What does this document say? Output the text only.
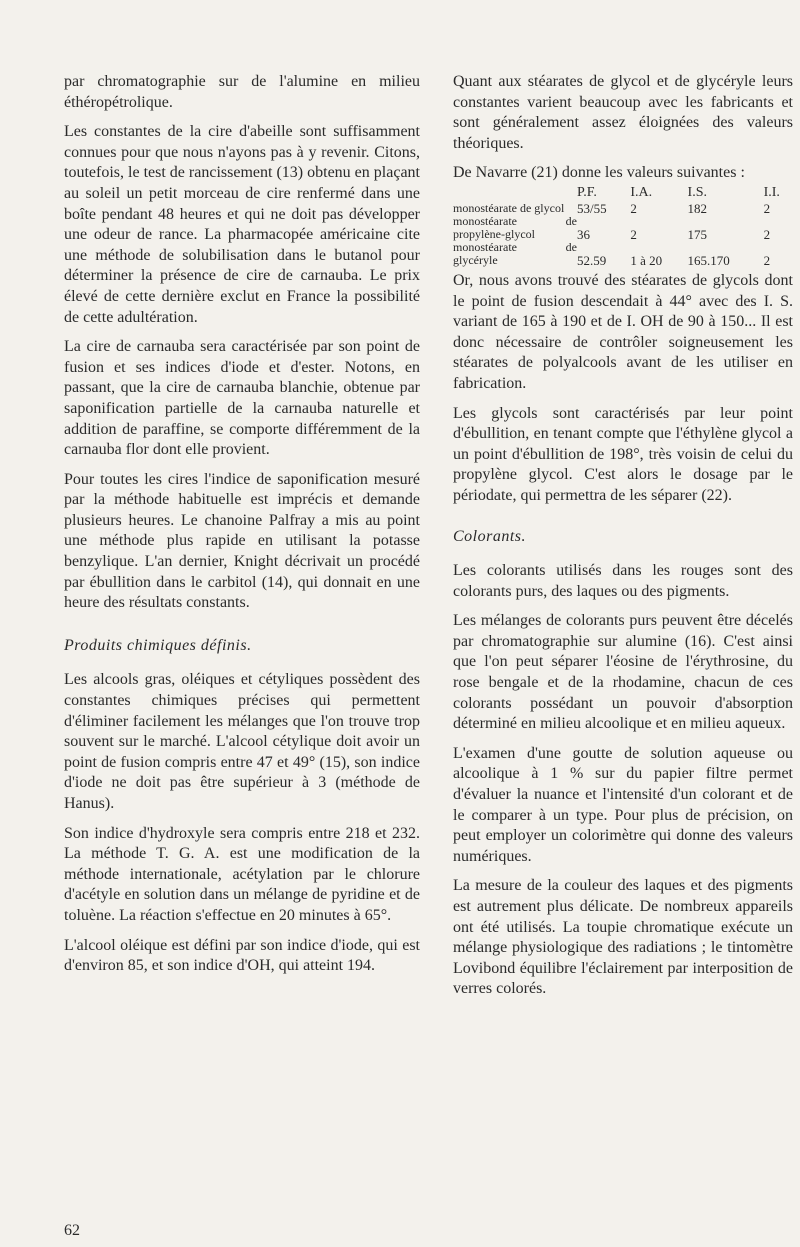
par chromatographie sur de l'alumine en milieu éthéropétrolique.

Les constantes de la cire d'abeille sont suffisamment connues pour que nous n'ayons pas à y revenir. Citons, toutefois, le test de rancissement (13) obtenu en plaçant au soleil un petit morceau de cire renfermé dans une boîte pendant 48 heures et qui ne doit pas développer une odeur de rance. La pharmacopée américaine cite une méthode de solubilisation dans le butanol pour déterminer la présence de cire de carnauba. Le prix élevé de cette dernière exclut en France la possibilité de cette adultération.

La cire de carnauba sera caractérisée par son point de fusion et ses indices d'iode et d'ester. Notons, en passant, que la cire de carnauba blanchie, obtenue par saponification partielle de la carnauba naturelle et addition de paraffine, se comporte différemment de la carnauba flor dont elle provient.

Pour toutes les cires l'indice de saponification mesuré par la méthode habituelle est imprécis et demande plusieurs heures. Le chanoine Palfray a mis au point une méthode plus rapide en utilisant la potasse benzylique. L'an dernier, Knight décrivait un procédé par ébullition dans le carbitol (14), qui donnait en une heure des résultats constants.

Produits chimiques définis.

Les alcools gras, oléiques et cétyliques possèdent des constantes chimiques précises qui permettent d'éliminer facilement les mélanges que l'on trouve trop souvent sur le marché. L'alcool cétylique doit avoir un point de fusion compris entre 47 et 49° (15), son indice d'iode ne doit pas être supérieur à 3 (méthode de Hanus).

Son indice d'hydroxyle sera compris entre 218 et 232. La méthode T. G. A. est une modification de la méthode internationale, acétylation par le chlorure d'acétyle en solution dans un mélange de pyridine et de toluène. La réaction s'effectue en 20 minutes à 65°.

L'alcool oléique est défini par son indice d'iode, qui est d'environ 85, et son indice d'OH, qui atteint 194.

Quant aux stéarates de glycol et de glycéryle leurs constantes varient beaucoup avec les fabricants et sont généralement assez éloignées des valeurs théoriques.

De Navarre (21) donne les valeurs suivantes :

	P.F.	I.A.	I.S.	I.I.
monostéarate de glycol	53/55	2	182	2
monostéarate de propylène-glycol	36	2	175	2
monostéarate de glycéryle	52.59	1 à 20	165.170	2

Or, nous avons trouvé des stéarates de glycols dont le point de fusion descendait à 44° avec des I. S. variant de 165 à 190 et de I. OH de 90 à 150... Il est donc nécessaire de contrôler soigneusement les stéarates de polyalcools avant de les utiliser en fabrication.

Les glycols sont caractérisés par leur point d'ébullition, en tenant compte que l'éthylène glycol a un point d'ébullition de 198°, très voisin de celui du propylène glycol. C'est alors le dosage par le périodate, qui permettra de les séparer (22).

Colorants.

Les colorants utilisés dans les rouges sont des colorants purs, des laques ou des pigments.

Les mélanges de colorants purs peuvent être décelés par chromatographie sur alumine (16). C'est ainsi que l'on peut séparer l'éosine de l'érythrosine, du rose bengale et de la rhodamine, chacun de ces colorants possédant un pouvoir d'absorption déterminé en milieu alcoolique et en milieu aqueux.

L'examen d'une goutte de solution aqueuse ou alcoolique à 1 % sur du papier filtre permet d'évaluer la nuance et l'intensité d'un colorant et de le comparer à un type. Pour plus de précision, on peut employer un colorimètre qui donne des valeurs numériques.

La mesure de la couleur des laques et des pigments est autrement plus délicate. De nombreux appareils ont été utilisés. La toupie chromatique exécute un mélange physiologique des radiations ; le tintomètre Lovibond équilibre l'éclairement par interposition de verres colorés.

62
